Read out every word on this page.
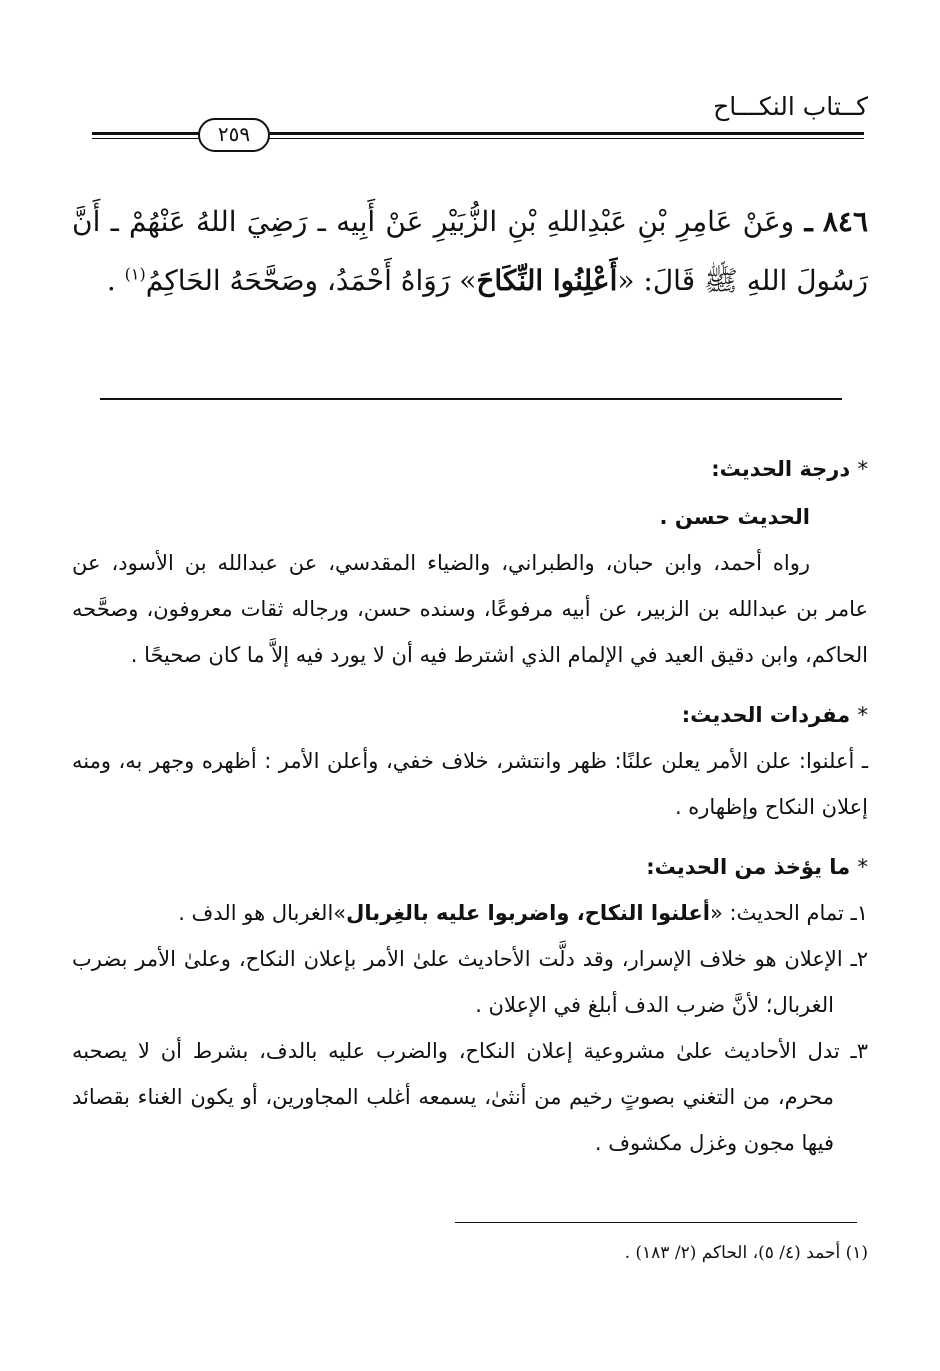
كــتاب النكـــاح
٢٥٩
٨٤٦ ـ وعَنْ عَامِرِ بْنِ عَبْدِاللهِ بْنِ الزُّبَيْرِ عَنْ أَبِيه ـ رَضِيَ اللهُ عَنْهُمْ ـ أَنَّ رَسُولَ اللهِ ﷺ قَالَ: «أَعْلِنُوا النِّكَاحَ» رَوَاهُ أَحْمَدُ، وصَحَّحَهُ الحَاكِمُ$^{(١)}$ .

* درجة الحديث:

الحديث حسن .

رواه أحمد، وابن حبان، والطبراني، والضياء المقدسي، عن عبدالله بن الأسود، عن عامر بن عبدالله بن الزبير، عن أبيه مرفوعًا، وسنده حسن، ورجاله ثقات معروفون، وصحَّحه الحاكم، وابن دقيق العيد في الإلمام الذي اشترط فيه أن لا يورد فيه إلاَّ ما كان صحيحًا .

* مفردات الحديث:

ـ أعلنوا: علن الأمر يعلن علنًا: ظهر وانتشر، خلاف خفي، وأعلن الأمر : أظهره وجهر به، ومنه إعلان النكاح وإظهاره .

* ما يؤخذ من الحديث:

١ـ تمام الحديث: «أعلنوا النكاح، واضربوا عليه بالغِربال»الغربال هو الدف .

٢ـ الإعلان هو خلاف الإسرار، وقد دلَّت الأحاديث علىٰ الأمر بإعلان النكاح، وعلىٰ الأمر بضرب الغربال؛ لأنَّ ضرب الدف أبلغ في الإعلان .

٣ـ تدل الأحاديث علىٰ مشروعية إعلان النكاح، والضرب عليه بالدف، بشرط أن لا يصحبه محرم، من التغني بصوتٍ رخيم من أنثىٰ، يسمعه أغلب المجاورين، أو يكون الغناء بقصائد فيها مجون وغزل مكشوف .

(١) أحمد (٤/ ٥)، الحاكم (٢/ ١٨٣) .
